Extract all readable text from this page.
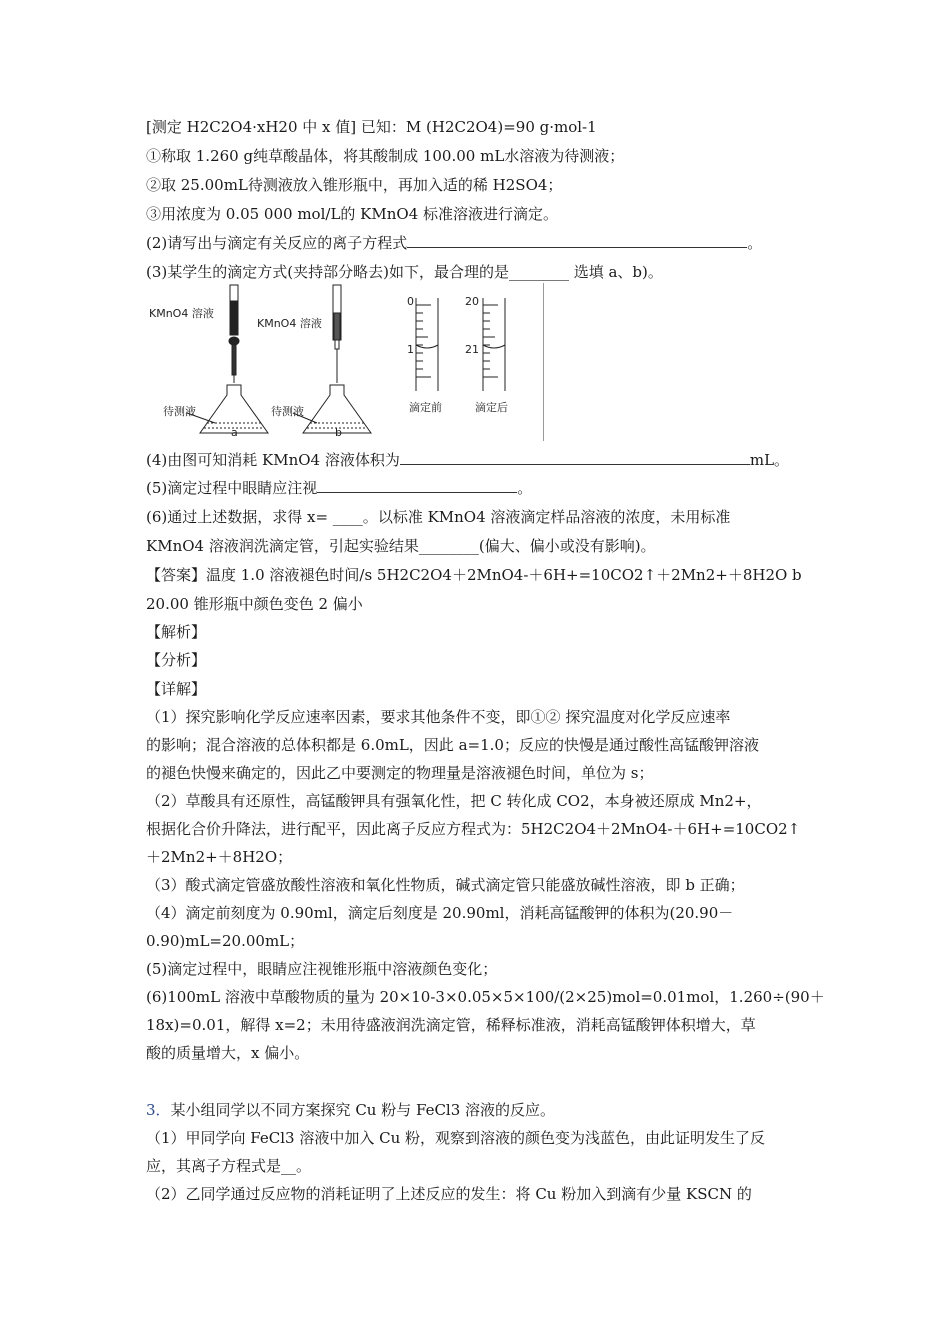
[测定 H2C2O4·xH20 中 x 值] 已知：M (H2C2O4)=90 g·mol-1
①称取 1.260 g纯草酸晶体，将其酸制成 100.00 mL水溶液为待测液；
②取 25.00mL待测液放入锥形瓶中，再加入适的稀 H2SO4；
③用浓度为 0.05 000 mol/L的 KMnO4 标准溶液进行滴定。
(2)请写出与滴定有关反应的离子方程式	。
(3)某学生的滴定方式(夹持部分略去)如下，最合理的是________ 选填 a、b)。
KMnO4 溶液
KMnO4 溶液
待测液	待测液
a	b
0
1
20
21
滴定前	滴定后
(4)由图可知消耗 KMnO4 溶液体积为	mL。
(5)滴定过程中眼睛应注视	。
(6)通过上述数据，求得 x= ____。以标准 KMnO4 溶液滴定样品溶液的浓度，未用标准
KMnO4 溶液润洗滴定管，引起实验结果________(偏大、偏小或没有影响)。
【答案】温度 1.0 溶液褪色时间/s 5H2C2O4＋2MnO4-＋6H+=10CO2↑＋2Mn2+＋8H2O b
20.00 锥形瓶中颜色变色 2 偏小
【解析】
【分析】
【详解】
（1）探究影响化学反应速率因素，要求其他条件不变，即①② 探究温度对化学反应速率
的影响；混合溶液的总体积都是 6.0mL，因此 a=1.0；反应的快慢是通过酸性高锰酸钾溶液
的褪色快慢来确定的，因此乙中要测定的物理量是溶液褪色时间，单位为 s；
（2）草酸具有还原性，高锰酸钾具有强氧化性，把 C 转化成 CO2，本身被还原成 Mn2+，
根据化合价升降法，进行配平，因此离子反应方程式为：5H2C2O4＋2MnO4-＋6H+=10CO2↑
＋2Mn2+＋8H2O；
（3）酸式滴定管盛放酸性溶液和氧化性物质，碱式滴定管只能盛放碱性溶液，即 b 正确；
（4）滴定前刻度为 0.90ml，滴定后刻度是 20.90ml，消耗高锰酸钾的体积为(20.90－
0.90)mL=20.00mL；
(5)滴定过程中，眼睛应注视锥形瓶中溶液颜色变化；
(6)100mL 溶液中草酸物质的量为 20×10-3×0.05×5×100/(2×25)mol=0.01mol，1.260÷(90＋
18x)=0.01，解得 x=2；未用待盛液润洗滴定管，稀释标准液，消耗高锰酸钾体积增大，草
酸的质量增大，x 偏小。
3．某小组同学以不同方案探究 Cu 粉与 FeCl3 溶液的反应。
（1）甲同学向 FeCl3 溶液中加入 Cu 粉，观察到溶液的颜色变为浅蓝色，由此证明发生了反
应，其离子方程式是__。
（2）乙同学通过反应物的消耗证明了上述反应的发生：将 Cu 粉加入到滴有少量 KSCN 的
